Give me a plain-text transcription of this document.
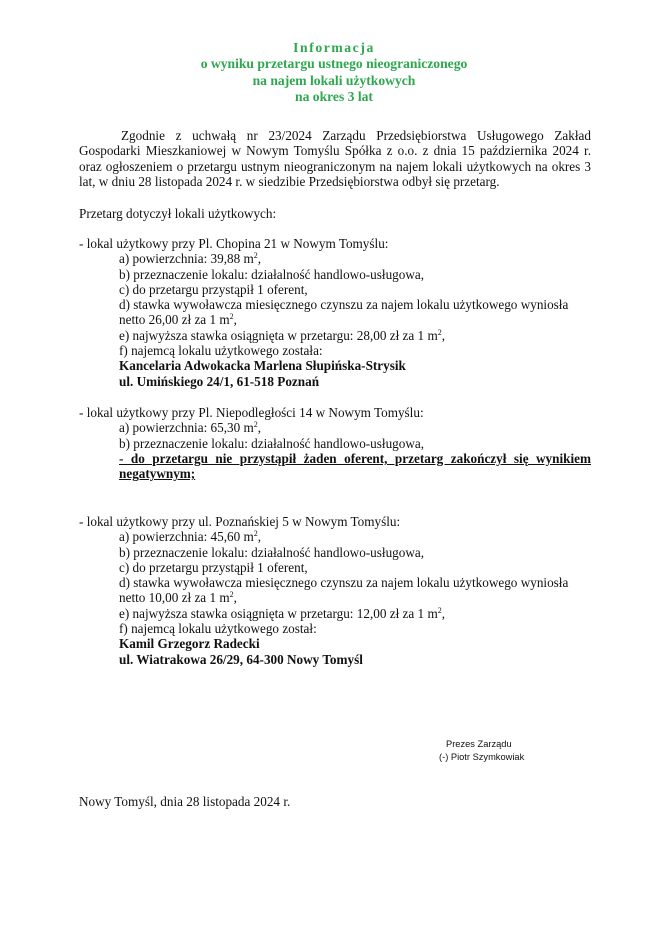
Informacja
o wyniku przetargu ustnego nieograniczonego
na najem lokali użytkowych
na okres 3 lat
Zgodnie z uchwałą nr 23/2024 Zarządu Przedsiębiorstwa Usługowego Zakład Gospodarki Mieszkaniowej w Nowym Tomyślu Spółka z o.o. z dnia 15 października 2024 r. oraz ogłoszeniem o przetargu ustnym nieograniczonym na najem lokali użytkowych na okres 3 lat, w dniu 28 listopada 2024 r. w siedzibie Przedsiębiorstwa odbył się przetarg.
Przetarg dotyczył lokali użytkowych:
- lokal użytkowy przy Pl. Chopina 21 w Nowym Tomyślu:
a) powierzchnia: 39,88 $m^2$,
b) przeznaczenie lokalu: działalność handlowo-usługowa,
c) do przetargu przystąpił 1 oferent,
d) stawka wywoławcza miesięcznego czynszu za najem lokalu użytkowego wyniosła
netto 26,00 zł za 1 $m^2$,
e) najwyższa stawka osiągnięta w przetargu: 28,00 zł za 1 $m^2$,
f) najemcą lokalu użytkowego została:
Kancelaria Adwokacka Marlena Słupińska-Strysik
ul. Umińskiego 24/1, 61-518 Poznań
- lokal użytkowy przy Pl. Niepodległości 14 w Nowym Tomyślu:
a) powierzchnia: 65,30 $m^2$,
b) przeznaczenie lokalu: działalność handlowo-usługowa,
- do przetargu nie przystąpił żaden oferent, przetarg zakończył się wynikiem
negatywnym;
- lokal użytkowy przy ul. Poznańskiej 5 w Nowym Tomyślu:
a) powierzchnia: 45,60 $m^2$,
b) przeznaczenie lokalu: działalność handlowo-usługowa,
c) do przetargu przystąpił 1 oferent,
d) stawka wywoławcza miesięcznego czynszu za najem lokalu użytkowego wyniosła
netto 10,00 zł za 1 $m^2$,
e) najwyższa stawka osiągnięta w przetargu: 12,00 zł za 1 $m^2$,
f) najemcą lokalu użytkowego został:
Kamil Grzegorz Radecki
ul. Wiatrakowa 26/29, 64-300 Nowy Tomyśl
Prezes Zarządu
(-) Piotr Szymkowiak
Nowy Tomyśl, dnia 28 listopada 2024 r.
